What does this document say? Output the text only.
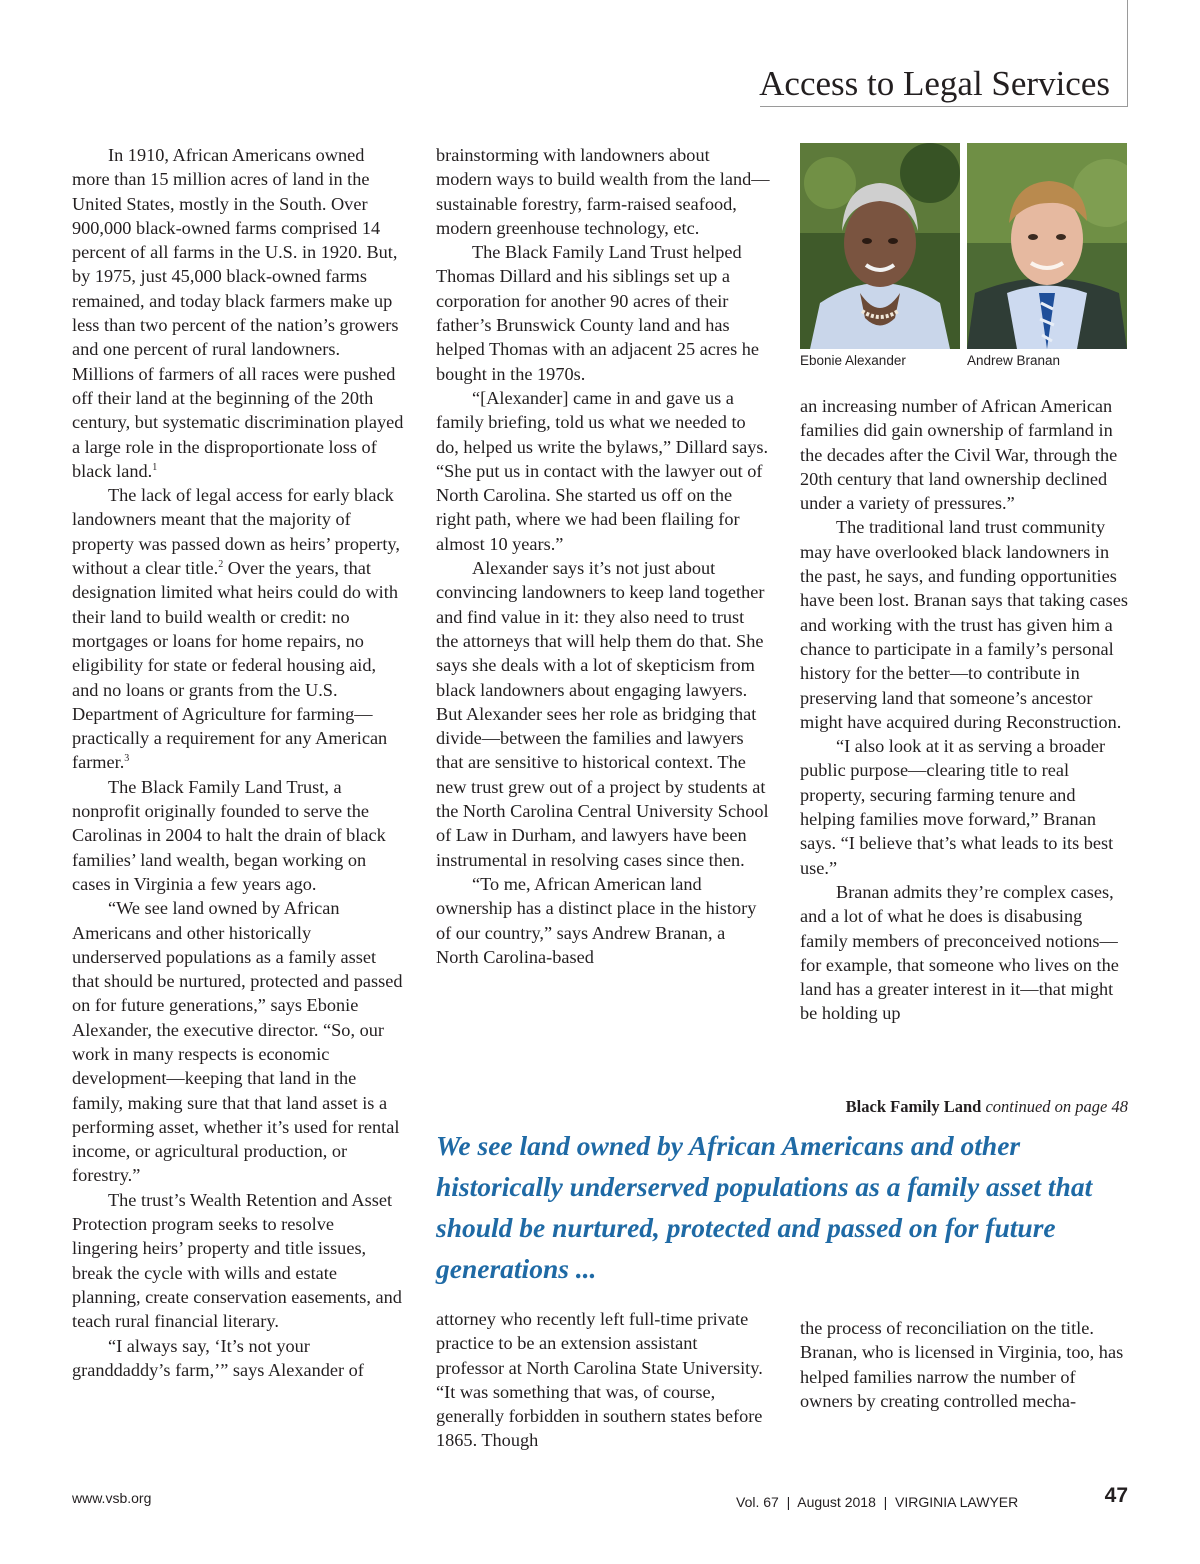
Access to Legal Services

In 1910, African Americans owned more than 15 million acres of land in the United States, mostly in the South. Over 900,000 black-owned farms comprised 14 percent of all farms in the U.S. in 1920. But, by 1975, just 45,000 black-owned farms remained, and today black farmers make up less than two percent of the nation’s growers and one percent of rural landowners. Millions of farmers of all races were pushed off their land at the beginning of the 20th century, but systematic discrimination played a large role in the disproportionate loss of black land.$^1$

The lack of legal access for early black landowners meant that the majority of property was passed down as heirs’ property, without a clear title.$^2$ Over the years, that designation limited what heirs could do with their land to build wealth or credit: no mortgages or loans for home repairs, no eligibility for state or federal housing aid, and no loans or grants from the U.S. Department of Agriculture for farming—practically a requirement for any American farmer.$^3$

The Black Family Land Trust, a nonprofit originally founded to serve the Carolinas in 2004 to halt the drain of black families’ land wealth, began working on cases in Virginia a few years ago.

“We see land owned by African Americans and other historically underserved populations as a family asset that should be nurtured, protected and passed on for future generations,” says Ebonie Alexander, the executive director. “So, our work in many respects is economic development—keeping that land in the family, making sure that that land asset is a performing asset, whether it’s used for rental income, or agricultural production, or forestry.”

The trust’s Wealth Retention and Asset Protection program seeks to resolve lingering heirs’ property and title issues, break the cycle with wills and estate planning, create conservation easements, and teach rural financial literary.

“I always say, ‘It’s not your granddaddy’s farm,’” says Alexander of

brainstorming with landowners about modern ways to build wealth from the land—sustainable forestry, farm-raised seafood, modern greenhouse technology, etc.

The Black Family Land Trust helped Thomas Dillard and his siblings set up a corporation for another 90 acres of their father’s Brunswick County land and has helped Thomas with an adjacent 25 acres he bought in the 1970s.

“[Alexander] came in and gave us a family briefing, told us what we needed to do, helped us write the bylaws,” Dillard says. “She put us in contact with the lawyer out of North Carolina. She started us off on the right path, where we had been flailing for almost 10 years.”

Alexander says it’s not just about convincing landowners to keep land together and find value in it: they also need to trust the attorneys that will help them do that. She says she deals with a lot of skepticism from black landowners about engaging lawyers. But Alexander sees her role as bridging that divide—between the families and lawyers that are sensitive to historical context. The new trust grew out of a project by students at the North Carolina Central University School of Law in Durham, and lawyers have been instrumental in resolving cases since then.

“To me, African American land ownership has a distinct place in the history of our country,” says Andrew Branan, a North Carolina-based

Ebonie Alexander	Andrew Branan

an increasing number of African American families did gain ownership of farmland in the decades after the Civil War, through the 20th century that land ownership declined under a variety of pressures.”

The traditional land trust community may have overlooked black landowners in the past, he says, and funding opportunities have been lost. Branan says that taking cases and working with the trust has given him a chance to participate in a family’s personal history for the better—to contribute in preserving land that someone’s ancestor might have acquired during Reconstruction.

“I also look at it as serving a broader public purpose—clearing title to real property, securing farming tenure and helping families move forward,” Branan says. “I believe that’s what leads to its best use.”

Branan admits they’re complex cases, and a lot of what he does is disabusing family members of preconceived notions—for example, that someone who lives on the land has a greater interest in it—that might be holding up

We see land owned by African Americans and other historically underserved populations as a family asset that should be nurtured, protected and passed on for future generations ...

attorney who recently left full-time private practice to be an extension assistant professor at North Carolina State University. “It was something that was, of course, generally forbidden in southern states before 1865. Though

the process of reconciliation on the title. Branan, who is licensed in Virginia, too, has helped families narrow the number of owners by creating controlled mecha-

Black Family Land continued on page 48
www.vsb.org	Vol. 67  |  August 2018  |  VIRGINIA LAWYER	47
